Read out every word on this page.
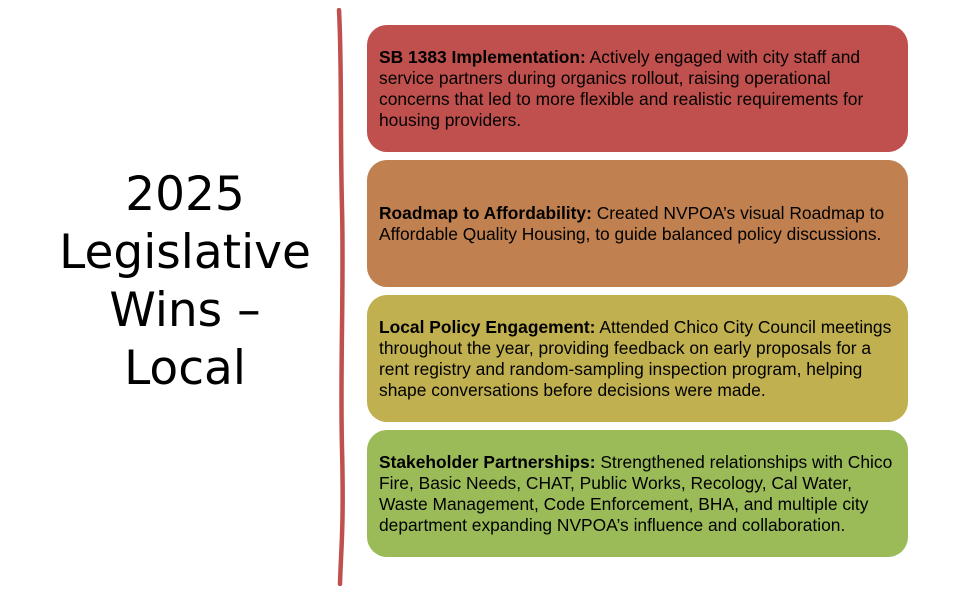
2025
Legislative
Wins –
Local
SB 1383 Implementation: Actively engaged with city staff and service partners during organics rollout, raising operational concerns that led to more flexible and realistic requirements for housing providers.
Roadmap to Affordability: Created NVPOA’s visual Roadmap to Affordable Quality Housing, to guide balanced policy discussions.
Local Policy Engagement: Attended Chico City Council meetings throughout the year, providing feedback on early proposals for a rent registry and random-sampling inspection program, helping shape conversations before decisions were made.
Stakeholder Partnerships: Strengthened relationships with Chico Fire, Basic Needs, CHAT, Public Works, Recology, Cal Water, Waste Management, Code Enforcement, BHA, and multiple city department expanding NVPOA’s influence and collaboration.
